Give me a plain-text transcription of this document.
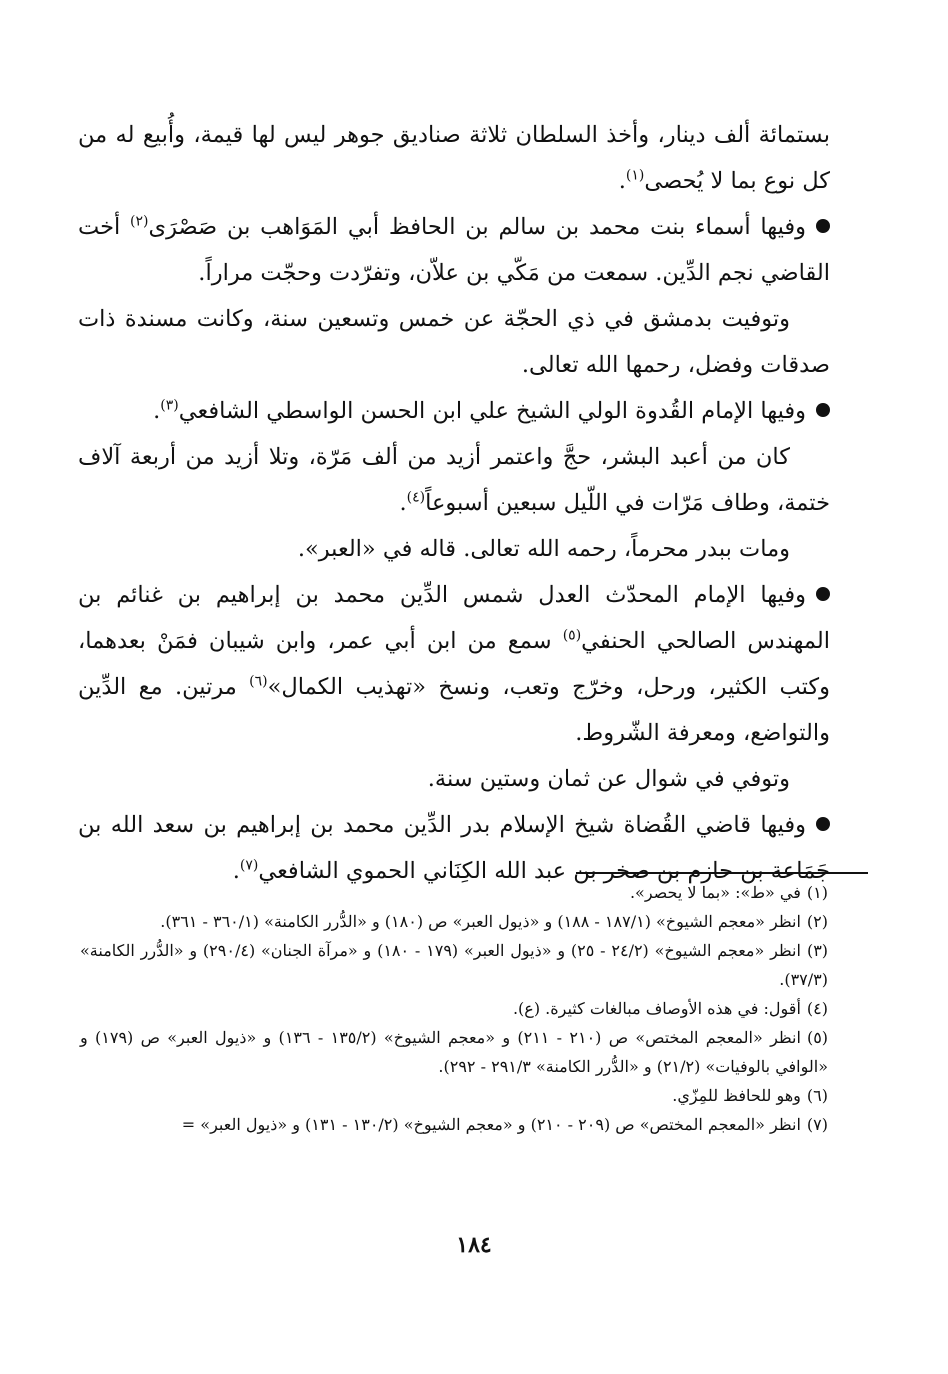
بستمائة ألف دينار، وأخذ السلطان ثلاثة صناديق جوهر ليس لها قيمة، وأُبيع له من كل نوع بما لا يُحصى$^{(١)}$.

وفيها أسماء بنت محمد بن سالم بن الحافظ أبي المَوَاهب بن صَصْرَى$^{(٢)}$ أخت القاضي نجم الدِّين. سمعت من مَكّي بن علاّن، وتفرّدت وحجّت مراراً.

وتوفيت بدمشق في ذي الحجّة عن خمس وتسعين سنة، وكانت مسندة ذات صدقات وفضل، رحمها الله تعالى.

وفيها الإمام القُدوة الولي الشيخ علي ابن الحسن الواسطي الشافعي$^{(٣)}$.

كان من أعبد البشر، حجَّ واعتمر أزيد من ألف مَرّة، وتلا أزيد من أربعة آلاف ختمة، وطاف مَرّات في اللّيل سبعين أسبوعاً$^{(٤)}$.

ومات ببدر محرماً، رحمه الله تعالى. قاله في «العبر».

وفيها الإمام المحدّث العدل شمس الدِّين محمد بن إبراهيم بن غنائم بن المهندس الصالحي الحنفي$^{(٥)}$ سمع من ابن أبي عمر، وابن شيبان فمَنْ بعدهما، وكتب الكثير، ورحل، وخرّج وتعب، ونسخ «تهذيب الكمال»$^{(٦)}$ مرتين. مع الدِّين والتواضع، ومعرفة الشّروط.

وتوفي في شوال عن ثمان وستين سنة.

وفيها قاضي القُضاة شيخ الإسلام بدر الدِّين محمد بن إبراهيم بن سعد الله بن جَمَاعة بن حازم بن صخر بن عبد الله الكِنَاني الحموي الشافعي$^{(٧)}$.

(١)في «ط»: «بما لا يحصر».

(٢)انظر «معجم الشيوخ» (١٨٧/١ - ١٨٨) و «ذيول العبر» ص (١٨٠) و «الدُّرر الكامنة» (٣٦٠/١ - ٣٦١).

(٣)انظر «معجم الشيوخ» (٢٤/٢ - ٢٥) و «ذيول العبر» (١٧٩ - ١٨٠) و «مرآة الجنان» (٢٩٠/٤) و «الدُّرر الكامنة» (٣٧/٣).

(٤)أقول: في هذه الأوصاف مبالغات كثيرة. (ع).

(٥)انظر «المعجم المختص» ص (٢١٠ - ٢١١) و «معجم الشيوخ» (١٣٥/٢ - ١٣٦) و «ذيول العبر» ص (١٧٩) و «الوافي بالوفيات» (٢١/٢) و «الدُّرر الكامنة» ٢٩١/٣ - ٢٩٢).

(٦)وهو للحافظ للمِزّي.

(٧)انظر «المعجم المختص» ص (٢٠٩ - ٢١٠) و «معجم الشيوخ» (١٣٠/٢ - ١٣١) و «ذيول العبر» =

١٨٤
